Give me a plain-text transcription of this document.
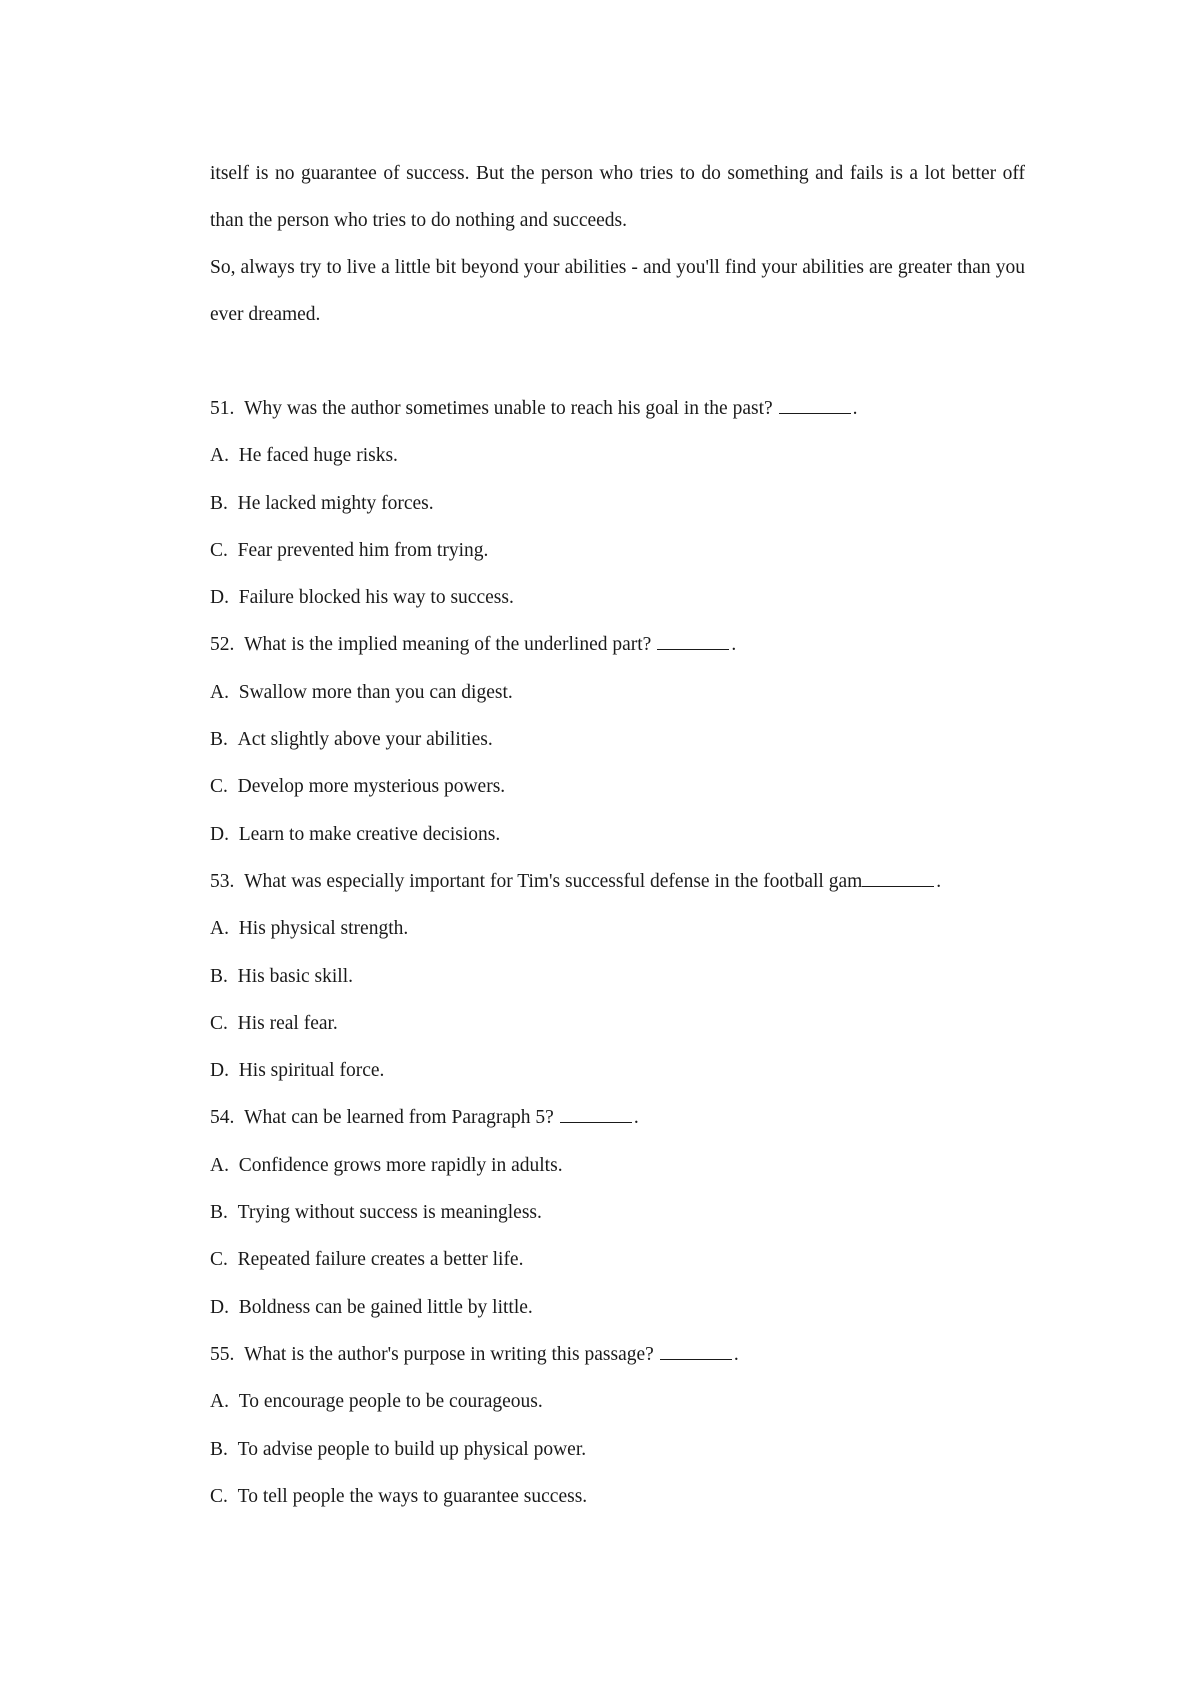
itself is no guarantee of success. But the person who tries to do something and fails is a lot better off than the person who tries to do nothing and succeeds.

So, always try to live a little bit beyond your abilities - and you'll find your abilities are greater than you ever dreamed.

51. Why was the author sometimes unable to reach his goal in the past?	.
A. He faced huge risks.
B. He lacked mighty forces.
C. Fear prevented him from trying.
D. Failure blocked his way to success.
52. What is the implied meaning of the underlined part?	.
A. Swallow more than you can digest.
B. Act slightly above your abilities.
C. Develop more mysterious powers.
D. Learn to make creative decisions.
53. What was especially important for Tim's successful defense in the football gam	.
A. His physical strength.
B. His basic skill.
C. His real fear.
D. His spiritual force.
54. What can be learned from Paragraph 5?	.
A. Confidence grows more rapidly in adults.
B. Trying without success is meaningless.
C. Repeated failure creates a better life.
D. Boldness can be gained little by little.
55. What is the author's purpose in writing this passage?	.
A. To encourage people to be courageous.
B. To advise people to build up physical power.
C. To tell people the ways to guarantee success.
